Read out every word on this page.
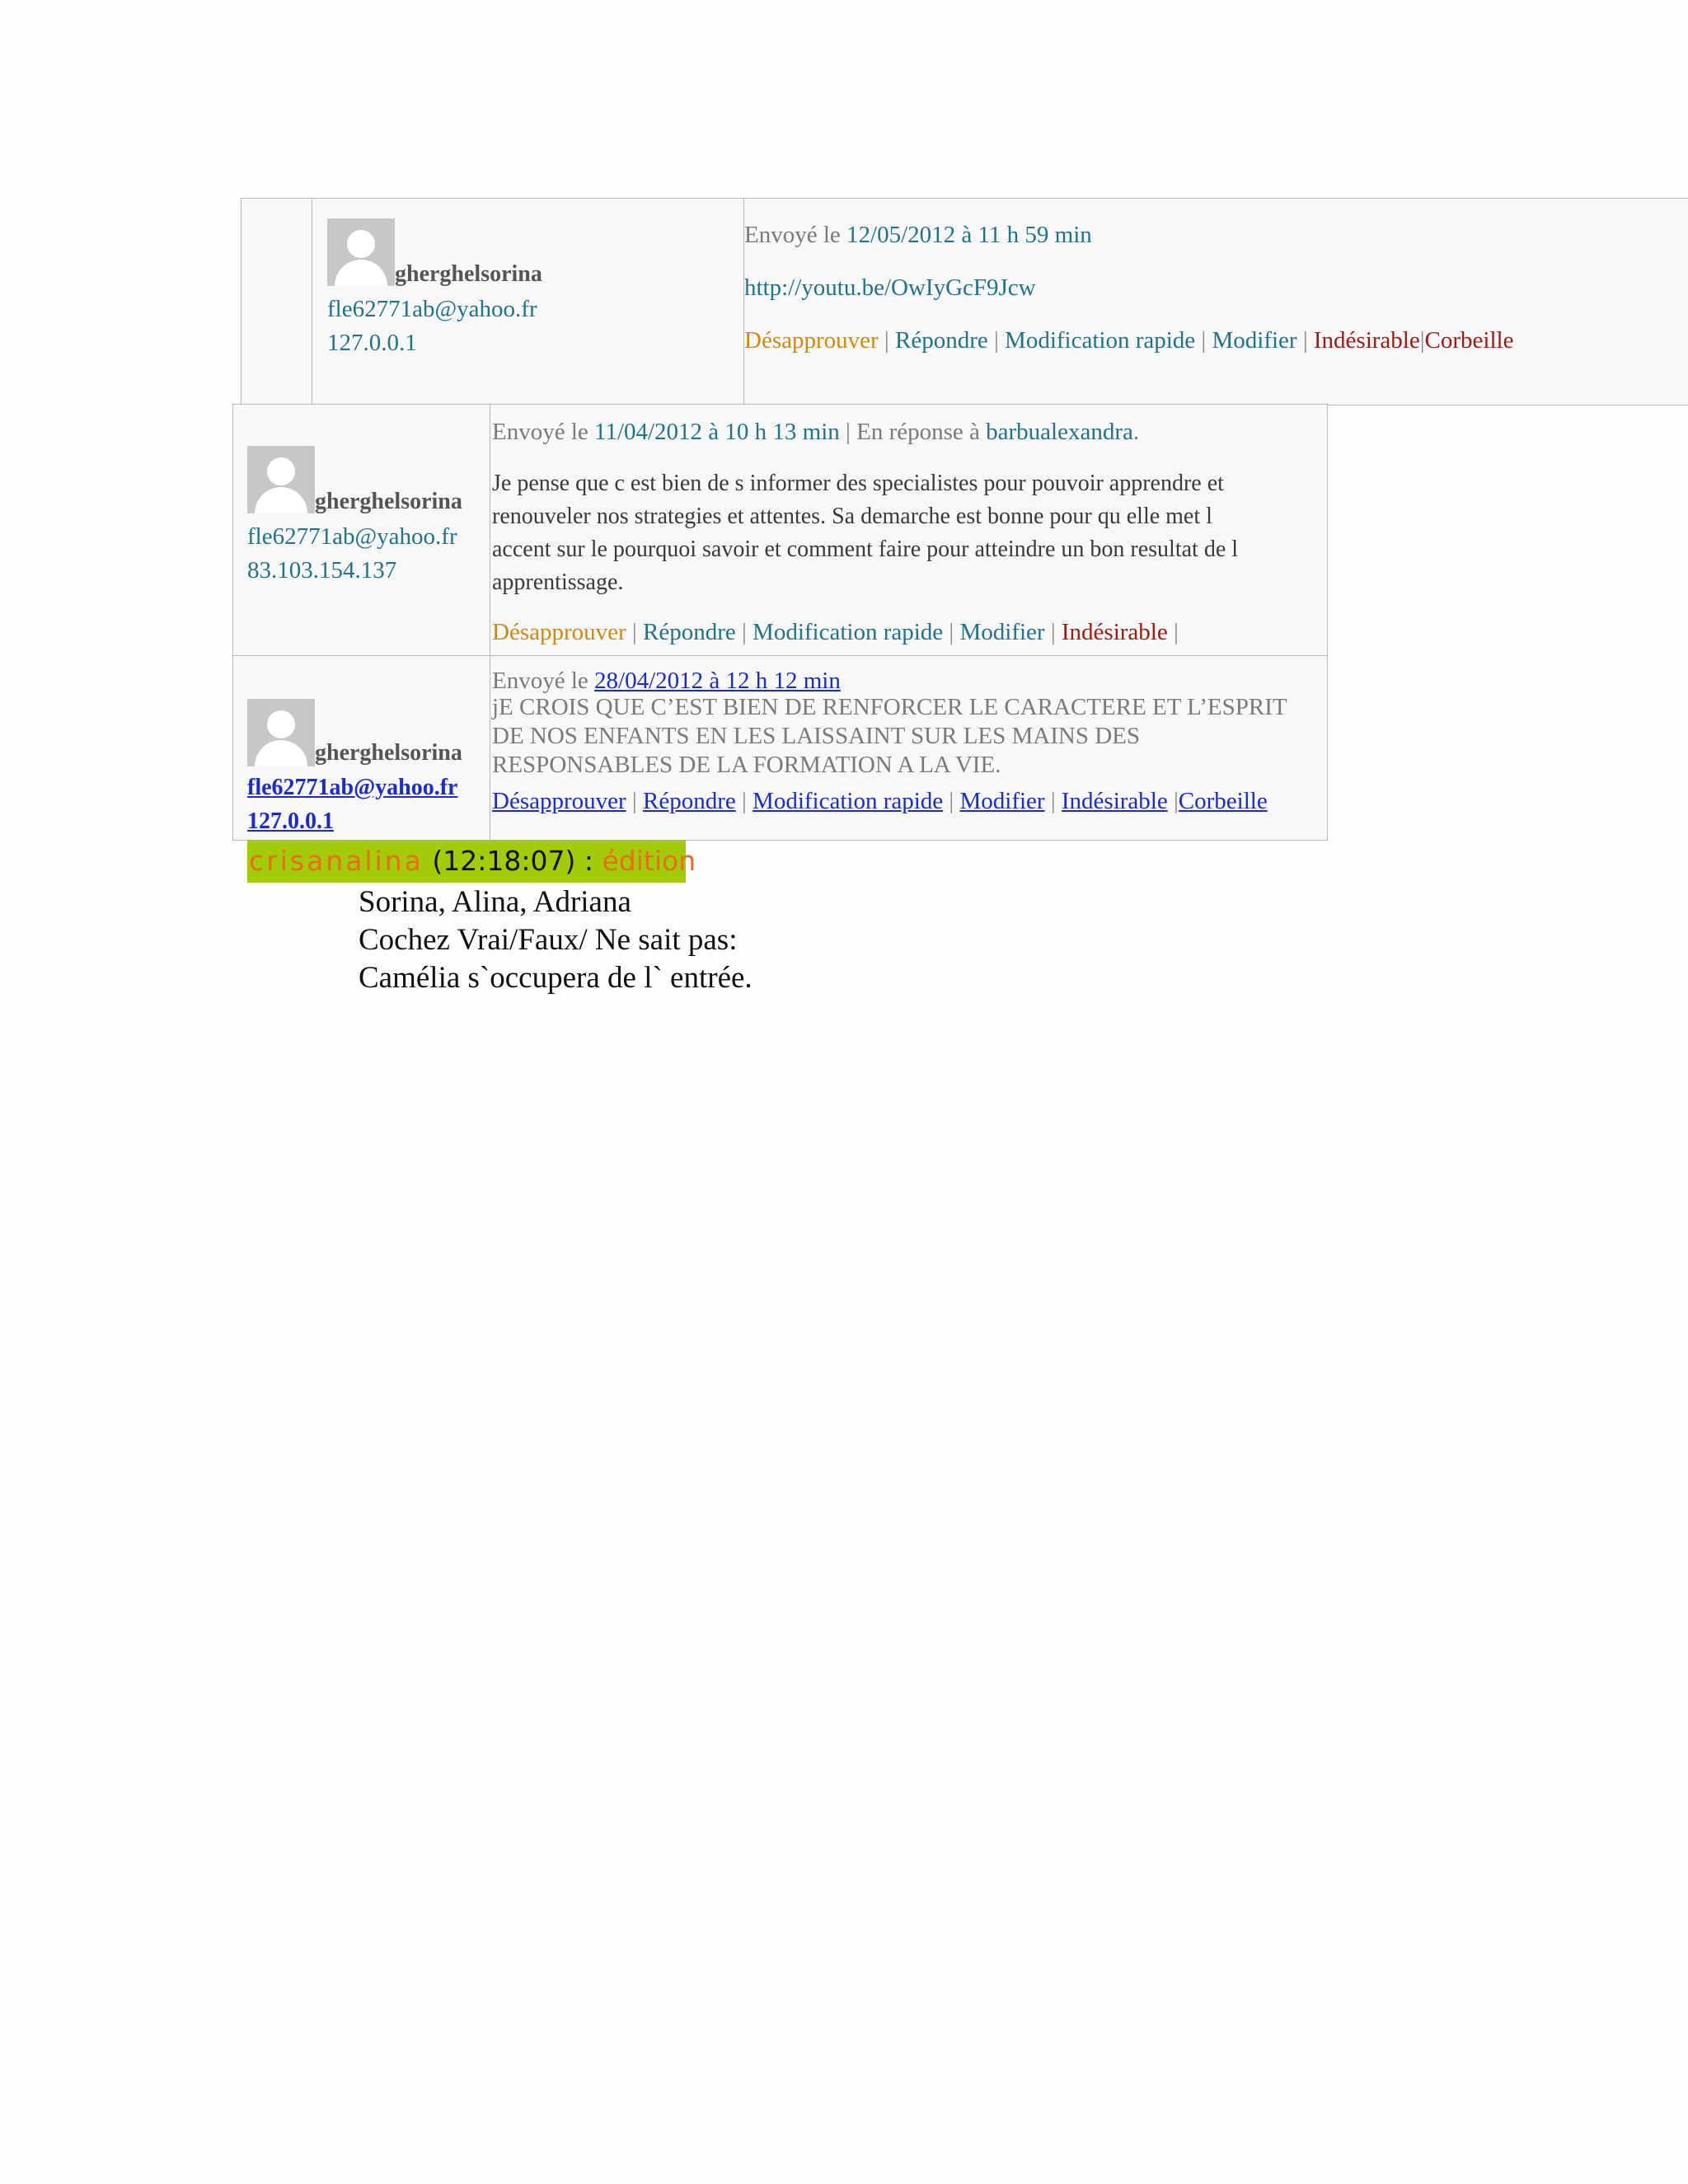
gherghelsorina
fle62771ab@yahoo.fr
127.0.0.1
Envoyé le 12/05/2012 à 11 h 59 min
http://youtu.be/OwIyGcF9Jcw
Désapprouver | Répondre | Modification rapide | Modifier | Indésirable|Corbeille
gherghelsorina
fle62771ab@yahoo.fr
83.103.154.137
Envoyé le 11/04/2012 à 10 h 13 min | En réponse à barbualexandra.
Je pense que c est bien de s informer des specialistes pour pouvoir apprendre et
renouveler nos strategies et attentes. Sa demarche est bonne pour qu elle met l
accent sur le pourquoi savoir et comment faire pour atteindre un bon resultat de l
apprentissage.
Désapprouver | Répondre | Modification rapide | Modifier | Indésirable |
gherghelsorina
fle62771ab@yahoo.fr
127.0.0.1
Envoyé le 28/04/2012 à 12 h 12 min
jE CROIS QUE C’EST BIEN DE RENFORCER LE CARACTERE ET L’ESPRIT
DE NOS ENFANTS EN LES LAISSAINT SUR LES MAINS DES
RESPONSABLES DE LA FORMATION A LA VIE.
Désapprouver | Répondre | Modification rapide | Modifier | Indésirable |Corbeille
crisanalina (12:18:07) : édition
Sorina, Alina, Adriana
Cochez Vrai/Faux/ Ne sait pas:
Camélia s`occupera de l` entrée.
